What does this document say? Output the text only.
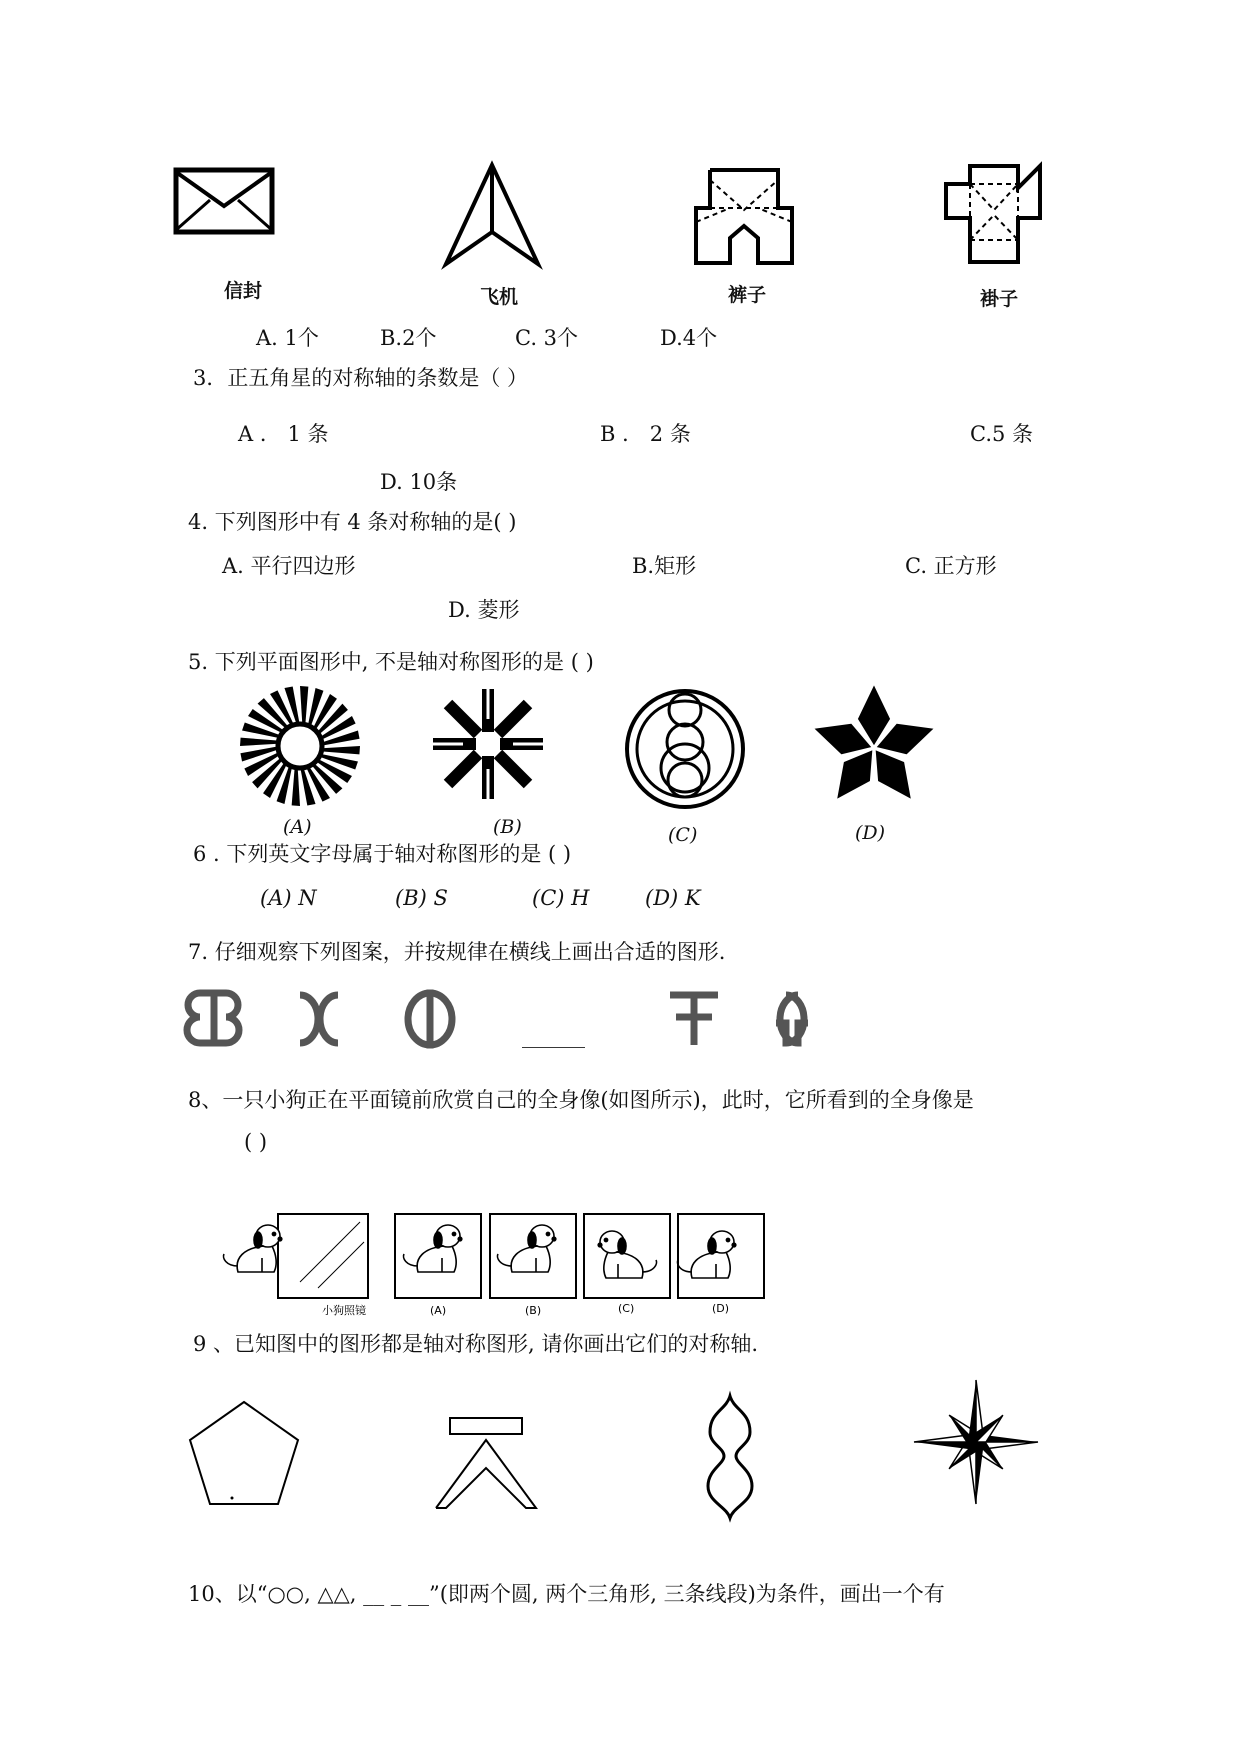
信封	飞机	裤子	褂子
A. 1个	B.2个	C. 3个	D.4个
3．正五角星的对称轴的条数是（ ）
A ． 1 条	B ． 2 条	C.5 条
D. 10条
4. 下列图形中有 4 条对称轴的是( )
A. 平行四边形	B.矩形	C. 正方形
D. 菱形
5. 下列平面图形中, 不是轴对称图形的是 ( )
(A)	(B)	(C)	(D)
6 . 下列英文字母属于轴对称图形的是 ( )
(A) N	(B) S	(C) H	(D) K
7. 仔细观察下列图案，并按规律在横线上画出合适的图形.
______
8、一只小狗正在平面镜前欣赏自己的全身像(如图所示)，此时，它所看到的全身像是
( )
小狗照镜	(A)	(B)	(C)	(D)
9 、已知图中的图形都是轴对称图形, 请你画出它们的对称轴.
10、以“○○, △△, __ _ __”(即两个圆, 两个三角形, 三条线段)为条件，画出一个有
